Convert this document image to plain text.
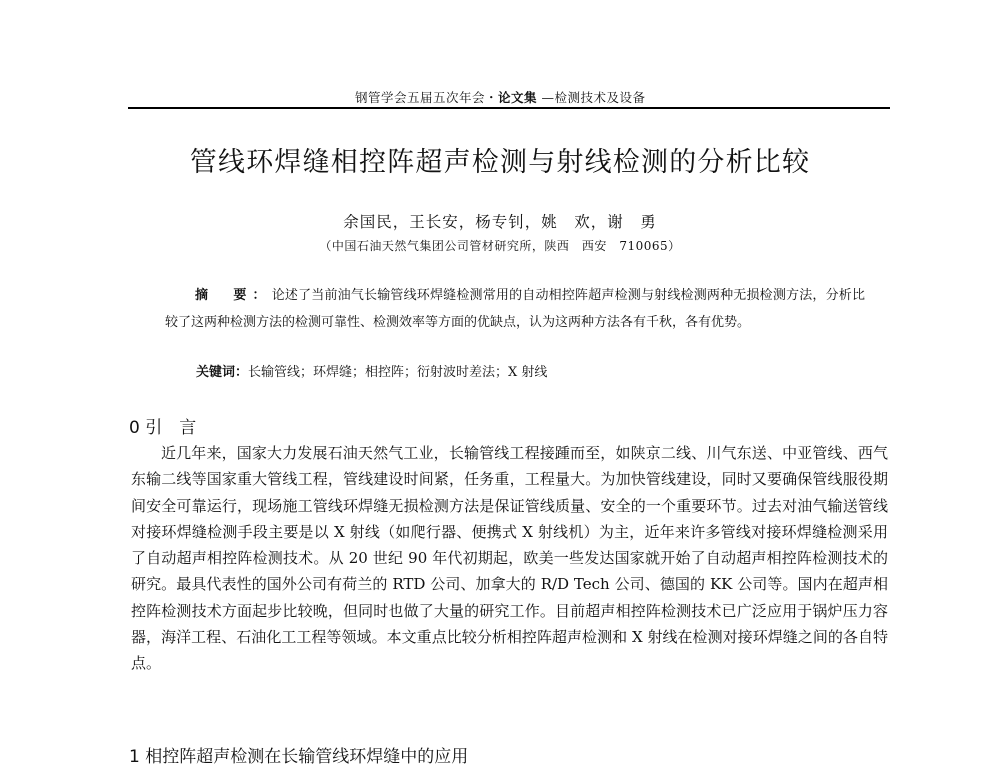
钢管学会五届五次年会・论文集 —检测技术及设备
管线环焊缝相控阵超声检测与射线检测的分析比较
余国民，王长安，杨专钊，姚　欢，谢　勇
（中国石油天然气集团公司管材研究所，陕西　西安　710065）
摘　要：论述了当前油气长输管线环焊缝检测常用的自动相控阵超声检测与射线检测两种无损检测方法，分析比较了这两种检测方法的检测可靠性、检测效率等方面的优缺点，认为这两种方法各有千秋，各有优势。
关键词：长输管线；环焊缝；相控阵；衍射波时差法；X 射线
0 引　言
近几年来，国家大力发展石油天然气工业，长输管线工程接踵而至，如陕京二线、川气东送、中亚管线、西气东输二线等国家重大管线工程，管线建设时间紧，任务重，工程量大。为加快管线建设，同时又要确保管线服役期间安全可靠运行，现场施工管线环焊缝无损检测方法是保证管线质量、安全的一个重要环节。过去对油气输送管线对接环焊缝检测手段主要是以 X 射线（如爬行器、便携式 X 射线机）为主，近年来许多管线对接环焊缝检测采用了自动超声相控阵检测技术。从 20 世纪 90 年代初期起，欧美一些发达国家就开始了自动超声相控阵检测技术的研究。最具代表性的国外公司有荷兰的 RTD 公司、加拿大的 R/D Tech 公司、德国的 KK 公司等。国内在超声相控阵检测技术方面起步比较晚，但同时也做了大量的研究工作。目前超声相控阵检测技术已广泛应用于锅炉压力容器，海洋工程、石油化工工程等领域。本文重点比较分析相控阵超声检测和 X 射线在检测对接环焊缝之间的各自特点。
1 相控阵超声检测在长输管线环焊缝中的应用
